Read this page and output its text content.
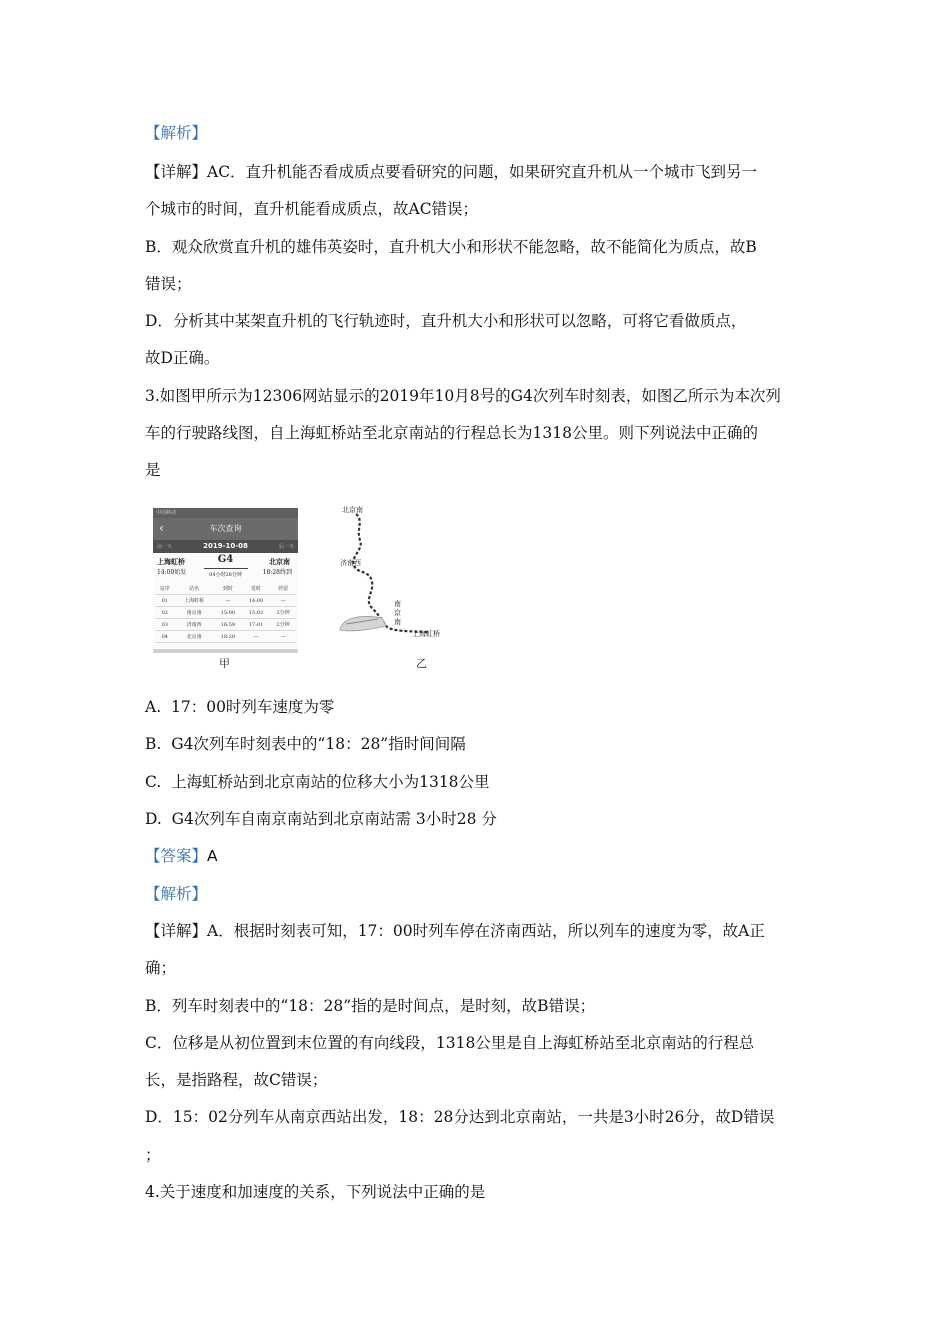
【解析】
【详解】AC．直升机能否看成质点要看研究的问题，如果研究直升机从一个城市飞到另一
个城市的时间，直升机能看成质点，故AC错误；
B．观众欣赏直升机的雄伟英姿时，直升机大小和形状不能忽略，故不能简化为质点，故B
错误；
D．分析其中某架直升机的飞行轨迹时，直升机大小和形状可以忽略，可将它看做质点，
故D正确。
3.如图甲所示为12306网站显示的2019年10月8号的G4次列车时刻表，如图乙所示为本次列
车的行驶路线图，自上海虹桥站至北京南站的行程总长为1318公里。则下列说法中正确的
是
中国移动
‹	车次查询
前一天	2019-10-08	后一天
上海虹桥
14:00始发
G4
04小时28分钟
北京南
18:28终到
站序	站名	到时	发时	停留
01	上海虹桥	—	14:00	—
02	南京南	15:00	15:02	2分钟
03	济南西	16:59	17:01	2分钟
04	北京南	18:28	—	—
甲
北京南
济南西
南京南
上海虹桥
乙
A. 17：00时列车速度为零
B. G4次列车时刻表中的“18：28”指时间间隔
C. 上海虹桥站到北京南站的位移大小为1318公里
D. G4次列车自南京南站到北京南站需 3小时28 分
【答案】A
【解析】
【详解】A．根据时刻表可知，17：00时列车停在济南西站，所以列车的速度为零，故A正
确；
B．列车时刻表中的“18：28”指的是时间点，是时刻，故B错误；
C．位移是从初位置到末位置的有向线段，1318公里是自上海虹桥站至北京南站的行程总
长，是指路程，故C错误；
D．15：02分列车从南京西站出发，18：28分达到北京南站，一共是3小时26分，故D错误
；
4.关于速度和加速度的关系，下列说法中正确的是
